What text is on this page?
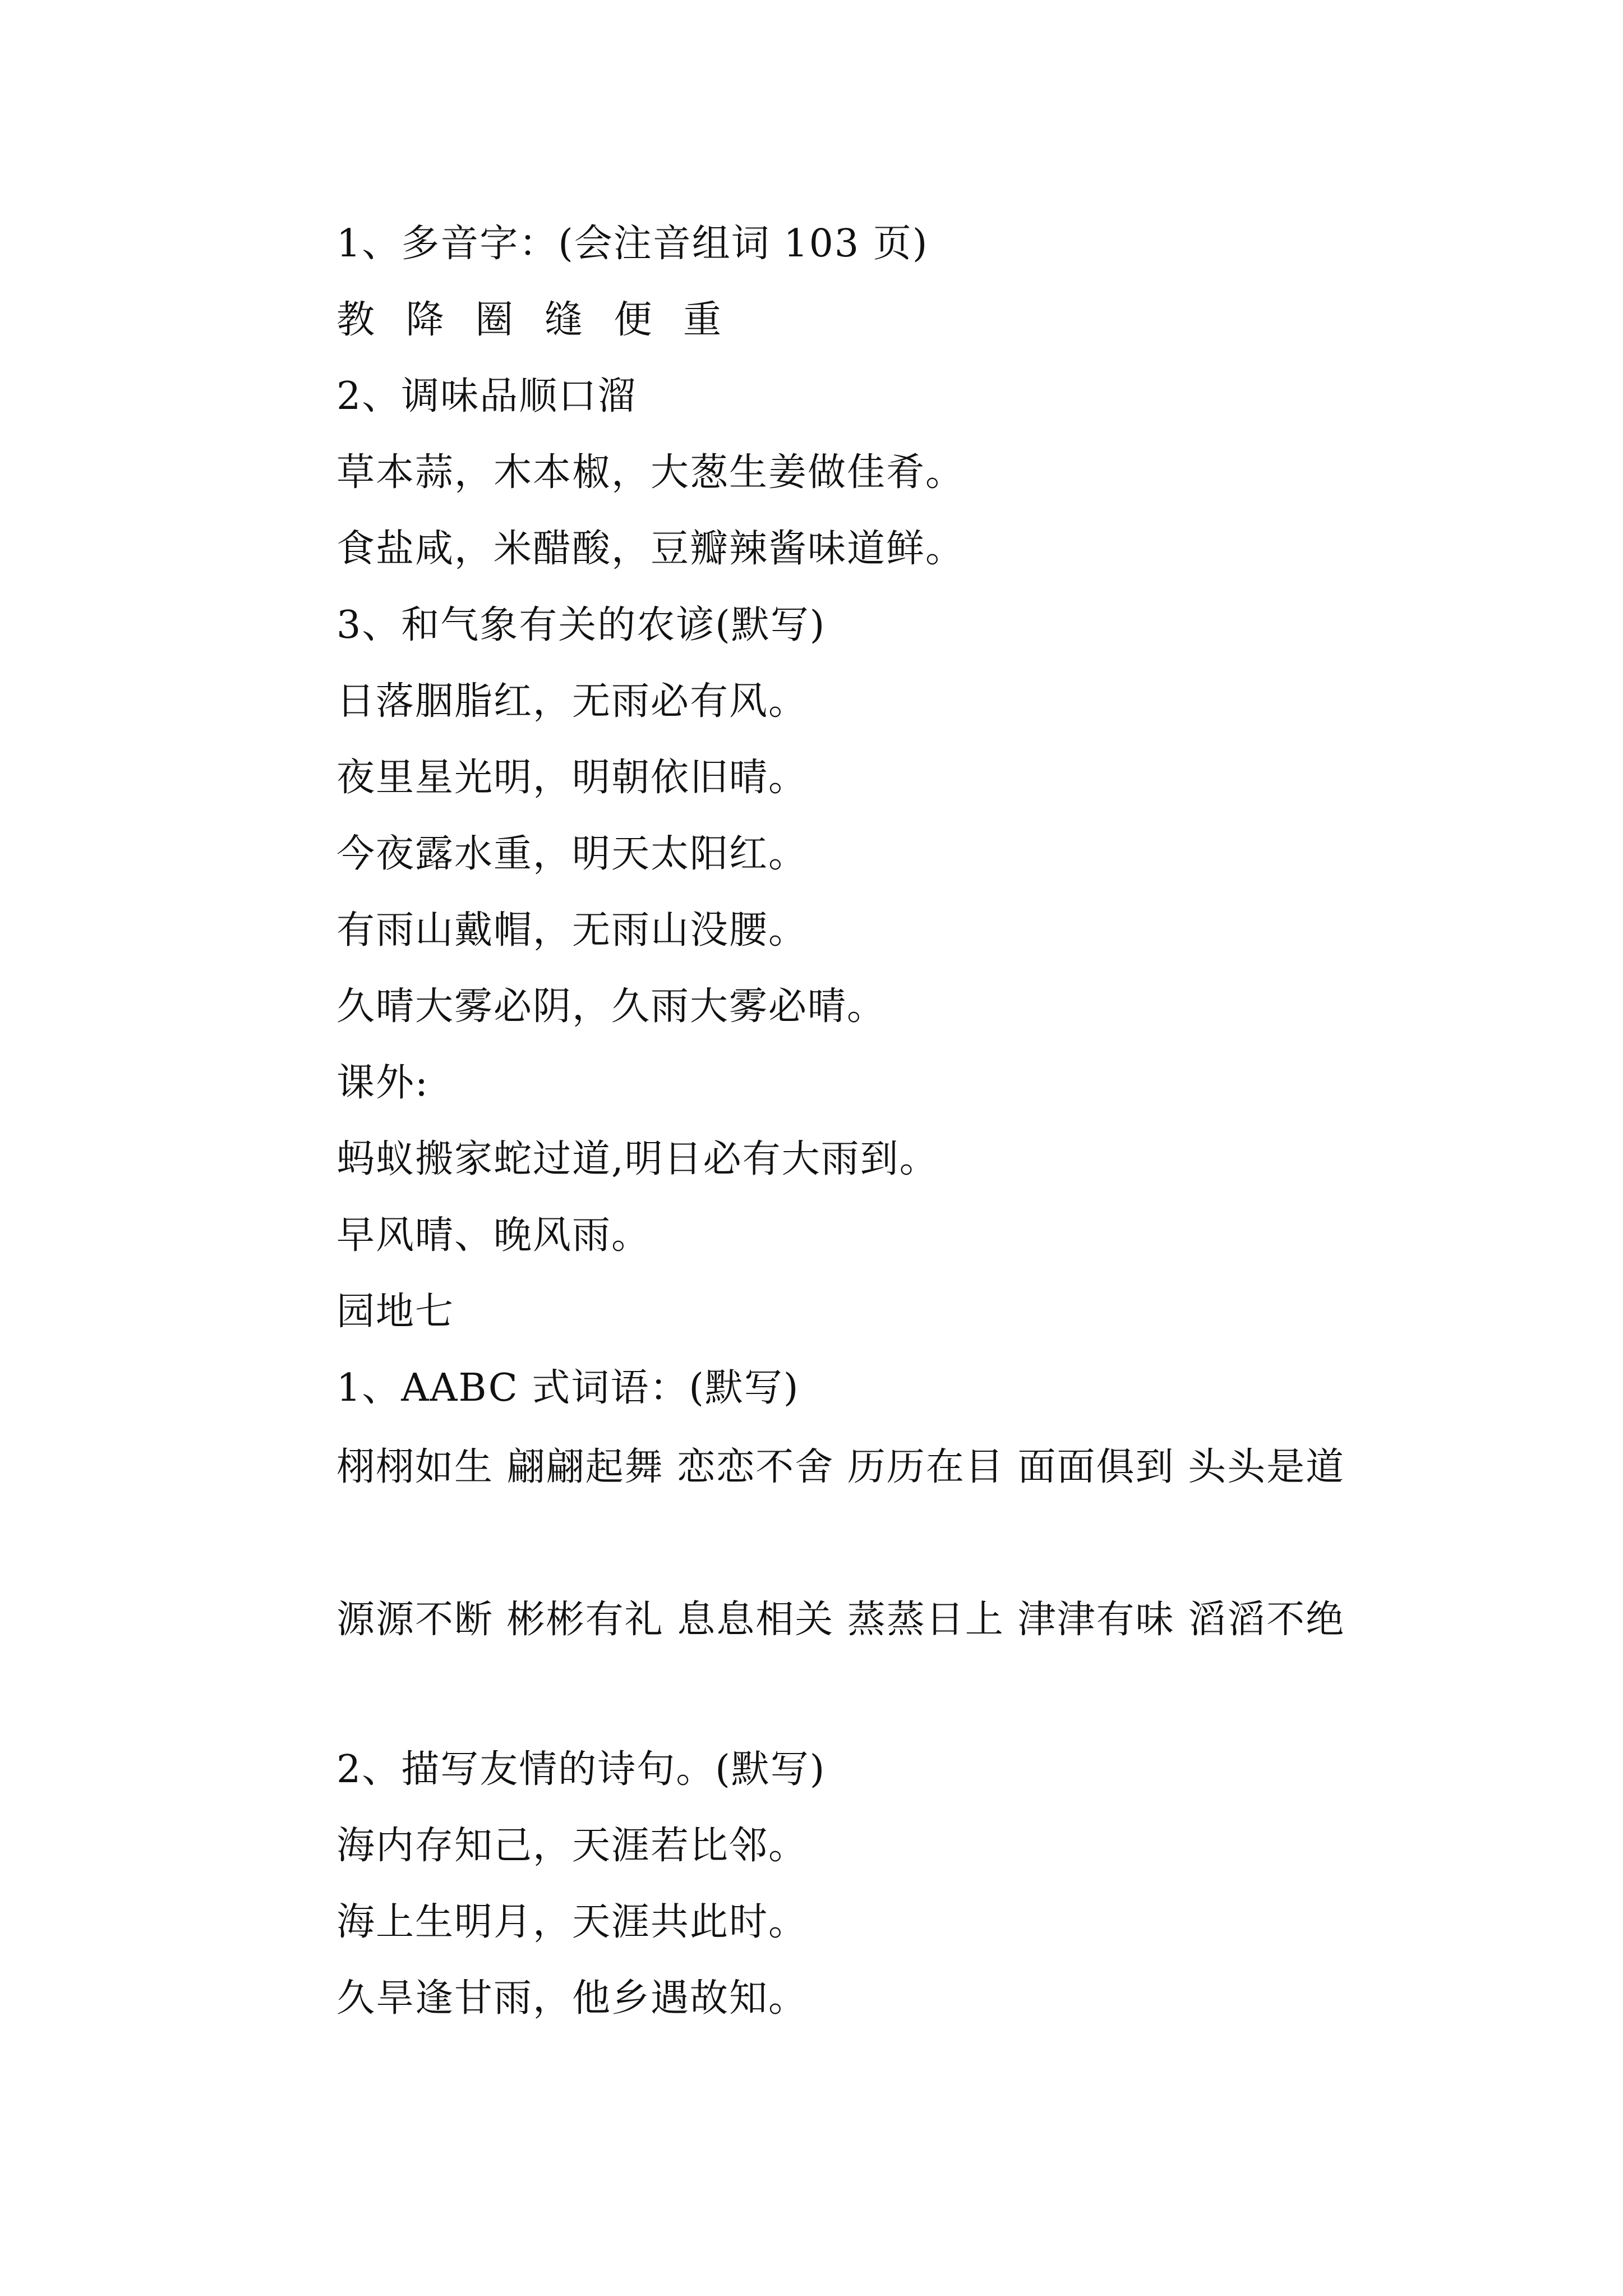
1、多音字：(会注音组词 103 页)
教 降 圈 缝 便 重
2、调味品顺口溜
草本蒜，木本椒，大葱生姜做佳肴。
食盐咸，米醋酸，豆瓣辣酱味道鲜。
3、和气象有关的农谚(默写)
日落胭脂红，无雨必有风。
夜里星光明，明朝依旧晴。
今夜露水重，明天太阳红。
有雨山戴帽，无雨山没腰。
久晴大雾必阴，久雨大雾必晴。
课外:
蚂蚁搬家蛇过道,明日必有大雨到。
早风晴、晚风雨。
园地七
1、AABC 式词语：(默写)
栩栩如生 翩翩起舞 恋恋不舍 历历在目 面面俱到 头头是道
源源不断 彬彬有礼 息息相关 蒸蒸日上 津津有味 滔滔不绝
2、描写友情的诗句。(默写)
海内存知己，天涯若比邻。
海上生明月，天涯共此时。
久旱逢甘雨，他乡遇故知。
